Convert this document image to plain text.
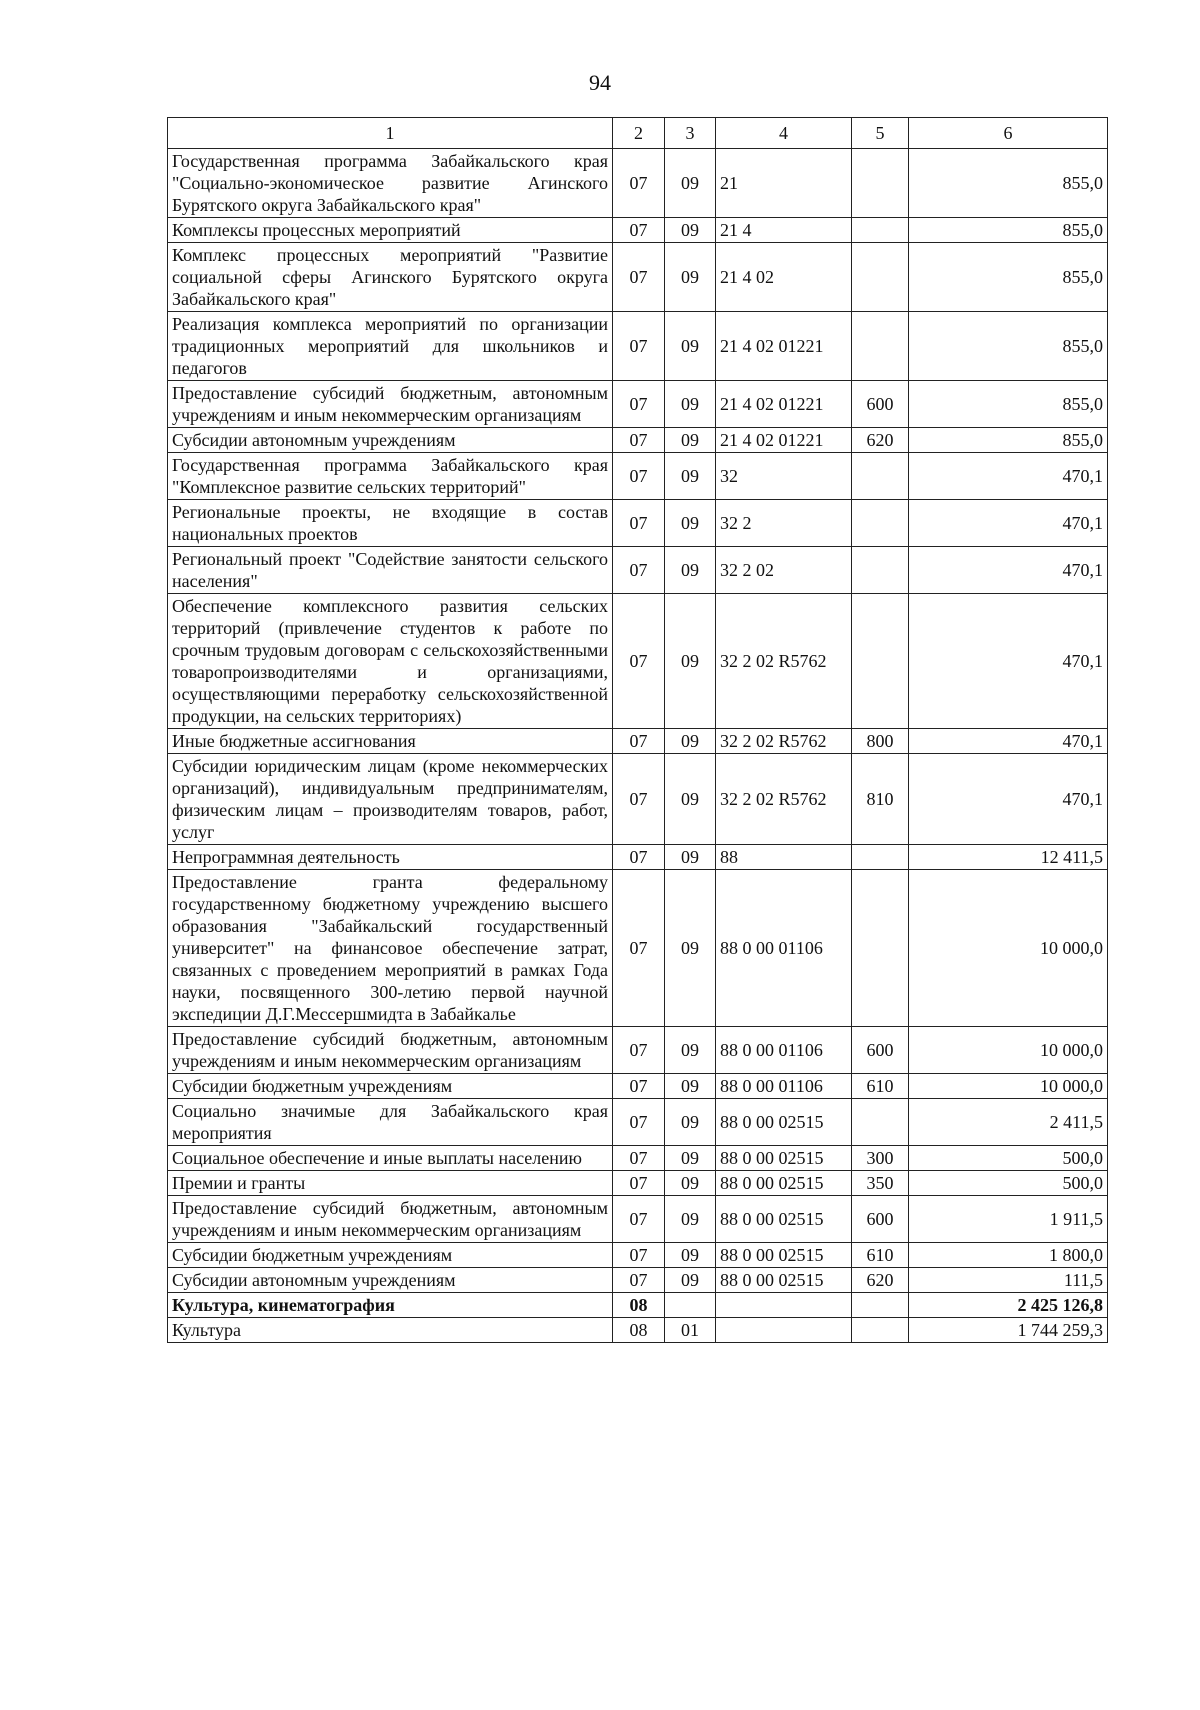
94
1	2	3	4	5	6
Государственная программа Забайкальского края "Социально-экономическое развитие Агинского Бурятского округа Забайкальского края"	07	09	21		855,0
Комплексы процессных мероприятий	07	09	21 4		855,0
Комплекс процессных мероприятий "Развитие социальной сферы Агинского Бурятского округа Забайкальского края"	07	09	21 4 02		855,0
Реализация комплекса мероприятий по организации традиционных мероприятий для школьников и педагогов	07	09	21 4 02 01221		855,0
Предоставление субсидий бюджетным, автономным учреждениям и иным некоммерческим организациям	07	09	21 4 02 01221	600	855,0
Субсидии автономным учреждениям	07	09	21 4 02 01221	620	855,0
Государственная программа Забайкальского края "Комплексное развитие сельских территорий"	07	09	32		470,1
Региональные проекты, не входящие в состав национальных проектов	07	09	32 2		470,1
Региональный проект "Содействие занятости сельского населения"	07	09	32 2 02		470,1
Обеспечение комплексного развития сельских территорий (привлечение студентов к работе по срочным трудовым договорам с сельскохозяйственными товаропроизводителями и организациями, осуществляющими переработку сельскохозяйственной продукции, на сельских территориях)	07	09	32 2 02 R5762		470,1
Иные бюджетные ассигнования	07	09	32 2 02 R5762	800	470,1
Субсидии юридическим лицам (кроме некоммерческих организаций), индивидуальным предпринимателям, физическим лицам – производителям товаров, работ, услуг	07	09	32 2 02 R5762	810	470,1
Непрограммная деятельность	07	09	88		12 411,5
Предоставление гранта федеральному государственному бюджетному учреждению высшего образования "Забайкальский государственный университет" на финансовое обеспечение затрат, связанных с проведением мероприятий в рамках Года науки, посвященного 300-летию первой научной экспедиции Д.Г.Мессершмидта в Забайкалье	07	09	88 0 00 01106		10 000,0
Предоставление субсидий бюджетным, автономным учреждениям и иным некоммерческим организациям	07	09	88 0 00 01106	600	10 000,0
Субсидии бюджетным учреждениям	07	09	88 0 00 01106	610	10 000,0
Социально значимые для Забайкальского края мероприятия	07	09	88 0 00 02515		2 411,5
Социальное обеспечение и иные выплаты населению	07	09	88 0 00 02515	300	500,0
Премии и гранты	07	09	88 0 00 02515	350	500,0
Предоставление субсидий бюджетным, автономным учреждениям и иным некоммерческим организациям	07	09	88 0 00 02515	600	1 911,5
Субсидии бюджетным учреждениям	07	09	88 0 00 02515	610	1 800,0
Субсидии автономным учреждениям	07	09	88 0 00 02515	620	111,5
Культура, кинематография	08				2 425 126,8
Культура	08	01			1 744 259,3
